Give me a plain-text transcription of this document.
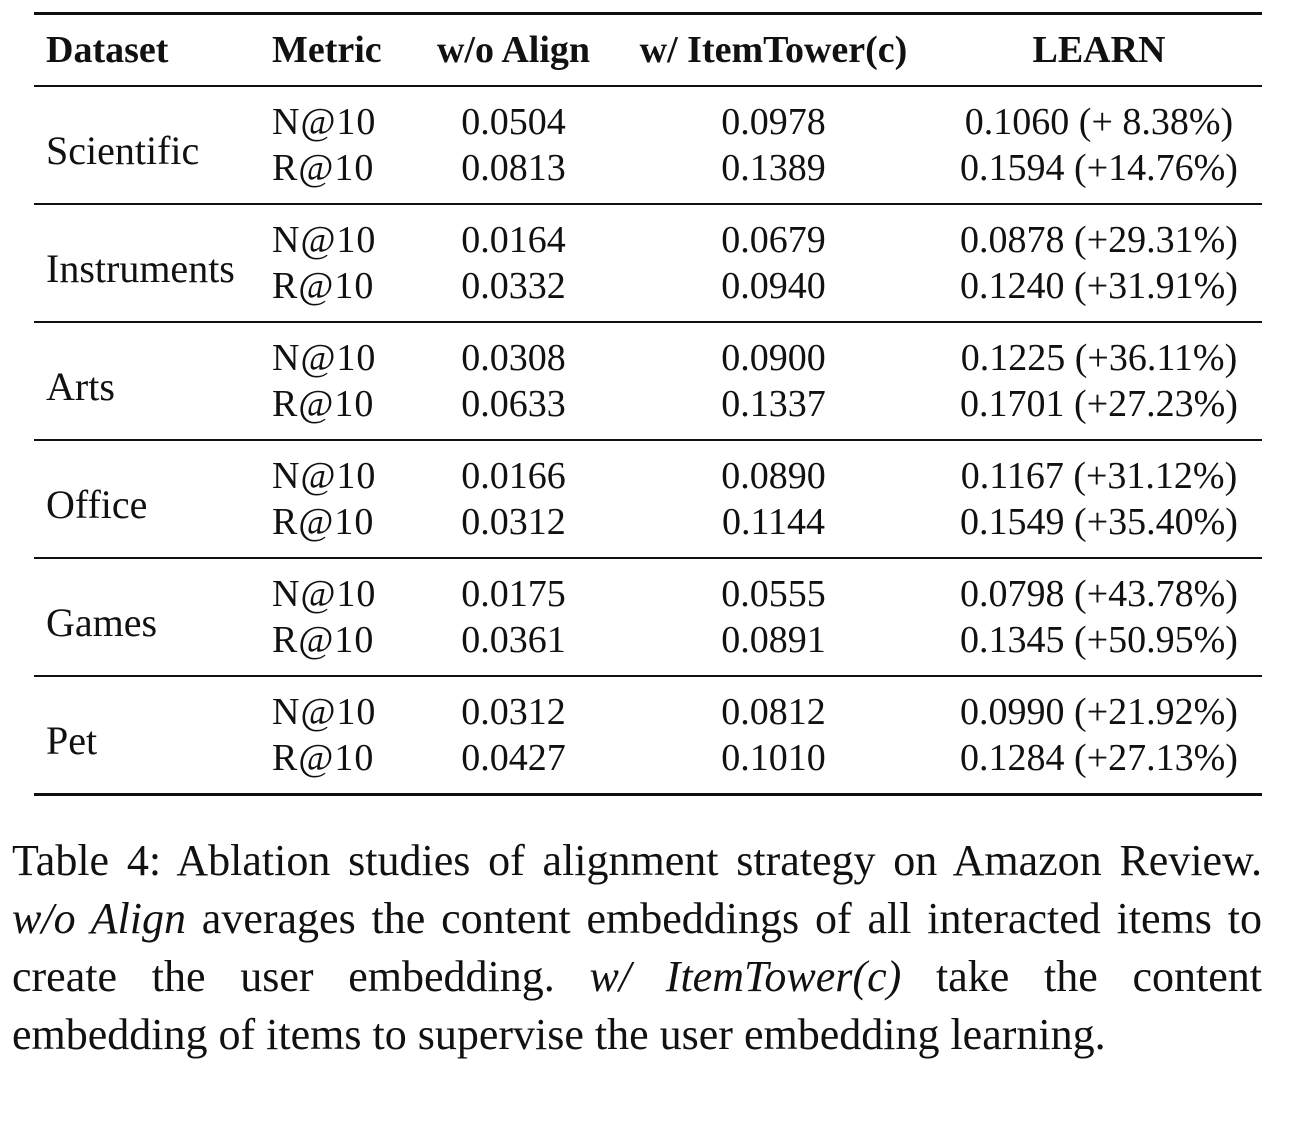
Dataset	Metric	w/o Align	w/ ItemTower(c)	LEARN
Scientific	N@10	0.0504	0.0978	0.1060 (+ 8.38%)
	R@10	0.0813	0.1389	0.1594 (+14.76%)
Instruments	N@10	0.0164	0.0679	0.0878 (+29.31%)
	R@10	0.0332	0.0940	0.1240 (+31.91%)
Arts	N@10	0.0308	0.0900	0.1225 (+36.11%)
	R@10	0.0633	0.1337	0.1701 (+27.23%)
Office	N@10	0.0166	0.0890	0.1167 (+31.12%)
	R@10	0.0312	0.1144	0.1549 (+35.40%)
Games	N@10	0.0175	0.0555	0.0798 (+43.78%)
	R@10	0.0361	0.0891	0.1345 (+50.95%)
Pet	N@10	0.0312	0.0812	0.0990 (+21.92%)
	R@10	0.0427	0.1010	0.1284 (+27.13%)
Table 4: Ablation studies of alignment strategy on Amazon Review. w/o Align averages the content embeddings of all interacted items to create the user embedding. w/ ItemTower(c) take the content embedding of items to supervise the user embedding learning.
